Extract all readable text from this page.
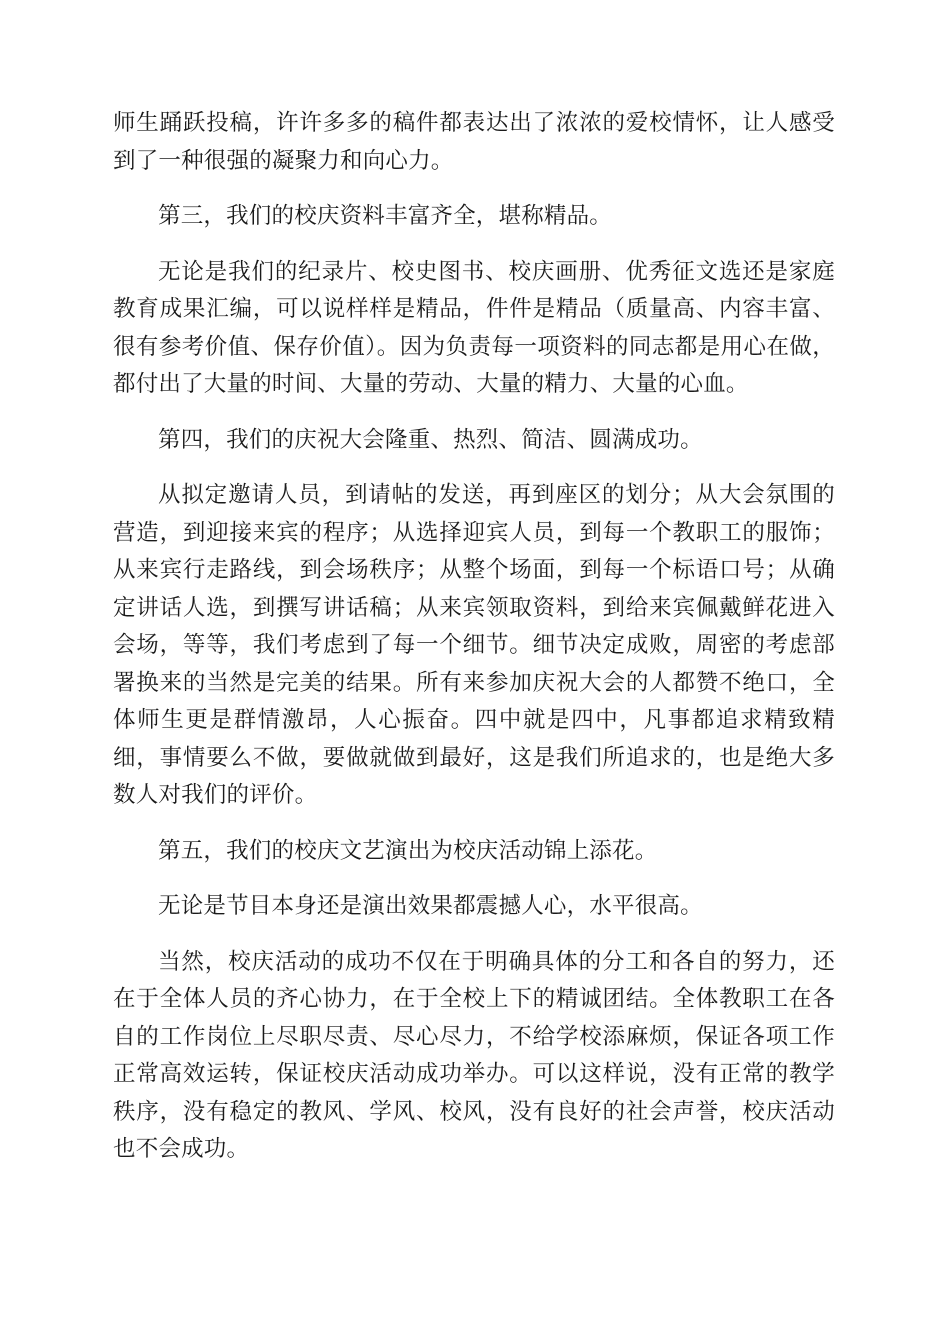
师生踊跃投稿，许许多多的稿件都表达出了浓浓的爱校情怀，让人感受到了一种很强的凝聚力和向心力。

第三，我们的校庆资料丰富齐全，堪称精品。

无论是我们的纪录片、校史图书、校庆画册、优秀征文选还是家庭教育成果汇编，可以说样样是精品，件件是精品（质量高、内容丰富、很有参考价值、保存价值）。因为负责每一项资料的同志都是用心在做，都付出了大量的时间、大量的劳动、大量的精力、大量的心血。

第四，我们的庆祝大会隆重、热烈、简洁、圆满成功。

从拟定邀请人员，到请帖的发送，再到座区的划分；从大会氛围的营造，到迎接来宾的程序；从选择迎宾人员，到每一个教职工的服饰；从来宾行走路线，到会场秩序；从整个场面，到每一个标语口号；从确定讲话人选，到撰写讲话稿；从来宾领取资料，到给来宾佩戴鲜花进入会场，等等，我们考虑到了每一个细节。细节决定成败，周密的考虑部署换来的当然是完美的结果。所有来参加庆祝大会的人都赞不绝口，全体师生更是群情激昂，人心振奋。四中就是四中，凡事都追求精致精细，事情要么不做，要做就做到最好，这是我们所追求的，也是绝大多数人对我们的评价。

第五，我们的校庆文艺演出为校庆活动锦上添花。

无论是节目本身还是演出效果都震撼人心，水平很高。

当然，校庆活动的成功不仅在于明确具体的分工和各自的努力，还在于全体人员的齐心协力，在于全校上下的精诚团结。全体教职工在各自的工作岗位上尽职尽责、尽心尽力，不给学校添麻烦，保证各项工作正常高效运转，保证校庆活动成功举办。可以这样说，没有正常的教学秩序，没有稳定的教风、学风、校风，没有良好的社会声誉，校庆活动也不会成功。
